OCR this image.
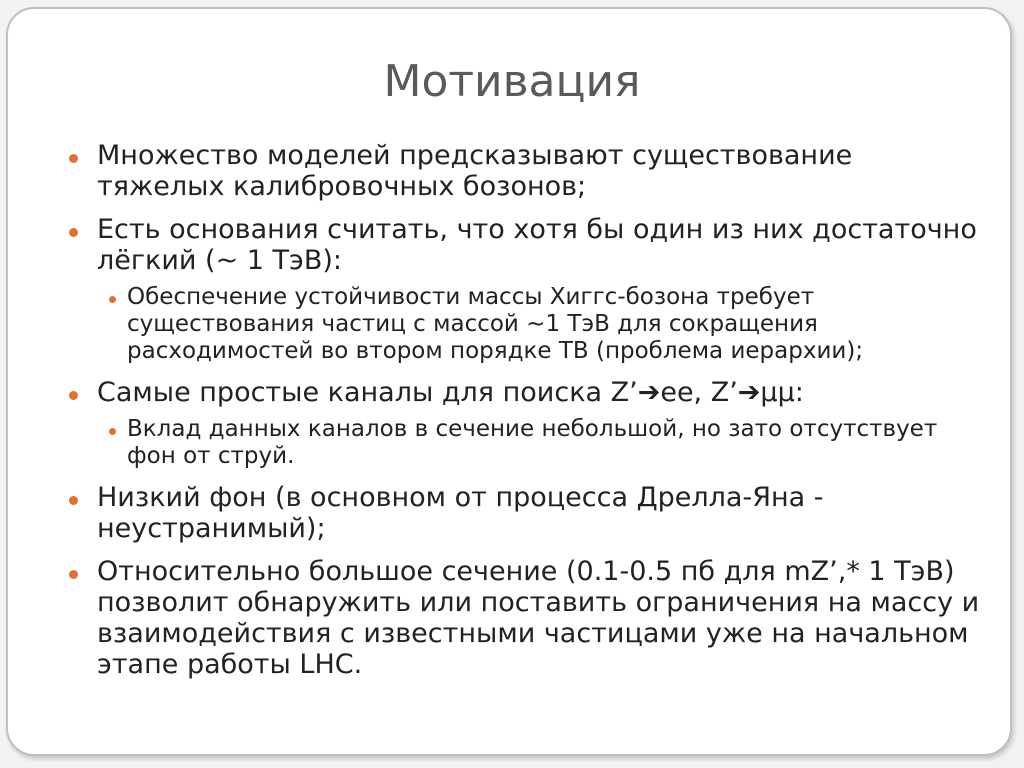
Мотивация
Множество моделей предсказывают существование тяжелых калибровочных бозонов;
Есть основания считать, что хотя бы один из них достаточно лёгкий (~ 1 ТэВ):
Обеспечение устойчивости массы Хиггс-бозона требует существования частиц с массой ~1 ТэВ для сокращения расходимостей во втором порядке ТВ (проблема иерархии);
Самые простые каналы для поиска Z’➔ee, Z’➔μμ:
Вклад данных каналов в сечение небольшой, но зато отсутствует фон от струй.
Низкий фон (в основном от процесса Дрелла-Яна - неустранимый);
Относительно большое сечение (0.1-0.5 пб для mZ’,* 1 ТэВ) позволит обнаружить или поставить ограничения на массу и взаимодействия с известными частицами уже на начальном этапе работы LHC.
